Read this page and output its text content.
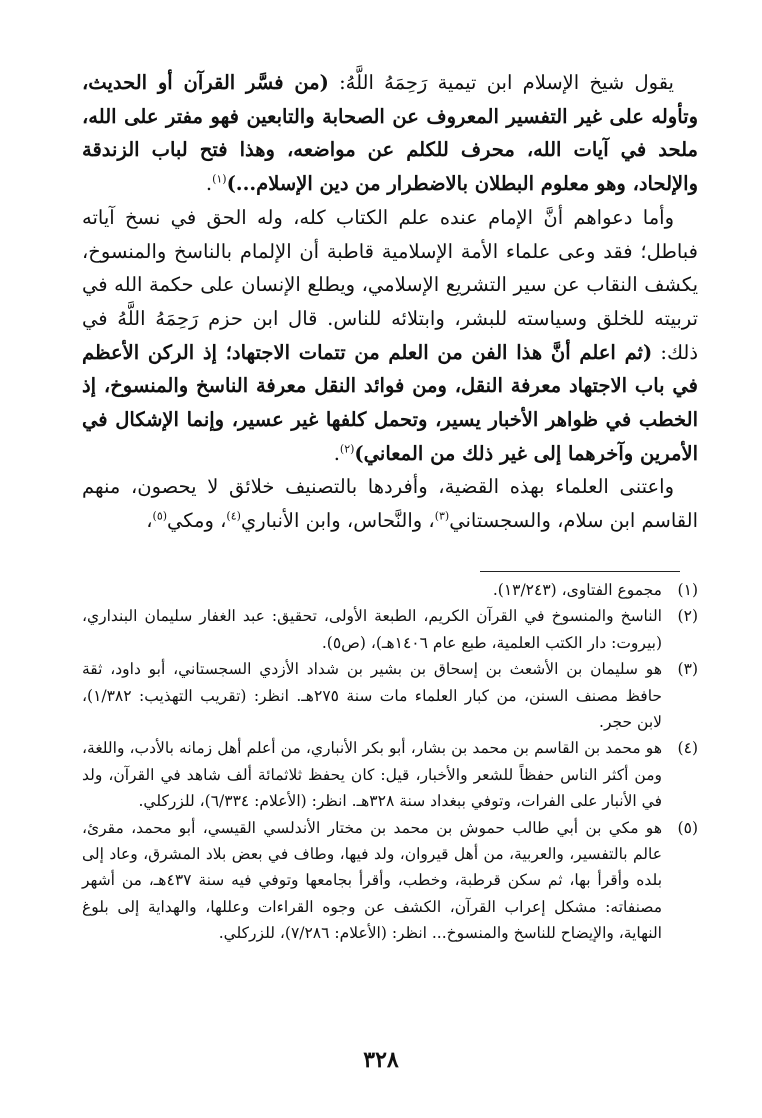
يقول شيخ الإسلام ابن تيمية رَحِمَهُ اللَّهُ: (من فسَّر القرآن أو الحديث، وتأوله على غير التفسير المعروف عن الصحابة والتابعين فهو مفتر على الله، ملحد في آيات الله، محرف للكلم عن مواضعه، وهذا فتح لباب الزندقة والإلحاد، وهو معلوم البطلان بالاضطرار من دين الإسلام...)$^{(١)}$.

وأما دعواهم أنَّ الإمام عنده علم الكتاب كله، وله الحق في نسخ آياته فباطل؛ فقد وعى علماء الأمة الإسلامية قاطبة أن الإلمام بالناسخ والمنسوخ، يكشف النقاب عن سير التشريع الإسلامي، ويطلع الإنسان على حكمة الله في تربيته للخلق وسياسته للبشر، وابتلائه للناس. قال ابن حزم رَحِمَهُ اللَّهُ في ذلك: (ثم اعلم أنَّ هذا الفن من العلم من تتمات الاجتهاد؛ إذ الركن الأعظم في باب الاجتهاد معرفة النقل، ومن فوائد النقل معرفة الناسخ والمنسوخ، إذ الخطب في ظواهر الأخبار يسير، وتحمل كلفها غير عسير، وإنما الإشكال في الأمرين وآخرهما إلى غير ذلك من المعاني)$^{(٢)}$.

واعتنى العلماء بهذه القضية، وأفردها بالتصنيف خلائق لا يحصون، منهم القاسم ابن سلام، والسجستاني$^{(٣)}$، والنَّحاس، وابن الأنباري$^{(٤)}$، ومكي$^{(٥)}$،

(١)
مجموع الفتاوى، (١٣/٢٤٣).
(٢)
الناسخ والمنسوخ في القرآن الكريم، الطبعة الأولى، تحقيق: عبد الغفار سليمان البنداري، (بيروت: دار الكتب العلمية، طبع عام ١٤٠٦هـ)، (ص٥).
(٣)
هو سليمان بن الأشعث بن إسحاق بن بشير بن شداد الأزدي السجستاني، أبو داود، ثقة حافظ مصنف السنن، من كبار العلماء مات سنة ٢٧٥هـ. انظر: (تقريب التهذيب: ١/٣٨٢)، لابن حجر.
(٤)
هو محمد بن القاسم بن محمد بن بشار، أبو بكر الأنباري، من أعلم أهل زمانه بالأدب، واللغة، ومن أكثر الناس حفظاً للشعر والأخبار، قيل: كان يحفظ ثلاثمائة ألف شاهد في القرآن، ولد في الأنبار على الفرات، وتوفي ببغداد سنة ٣٢٨هـ. انظر: (الأعلام: ٦/٣٣٤)، للزركلي.
(٥)
هو مكي بن أبي طالب حموش بن محمد بن مختار الأندلسي القيسي، أبو محمد، مقرئ، عالم بالتفسير، والعربية، من أهل قيروان، ولد فيها، وطاف في بعض بلاد المشرق، وعاد إلى بلده وأقرأ بها، ثم سكن قرطبة، وخطب، وأقرأ بجامعها وتوفي فيه سنة ٤٣٧هـ، من أشهر مصنفاته: مشكل إعراب القرآن، الكشف عن وجوه القراءات وعللها، والهداية إلى بلوغ النهاية، والإيضاح للناسخ والمنسوخ... انظر: (الأعلام: ٧/٢٨٦)، للزركلي.
٣٢٨
